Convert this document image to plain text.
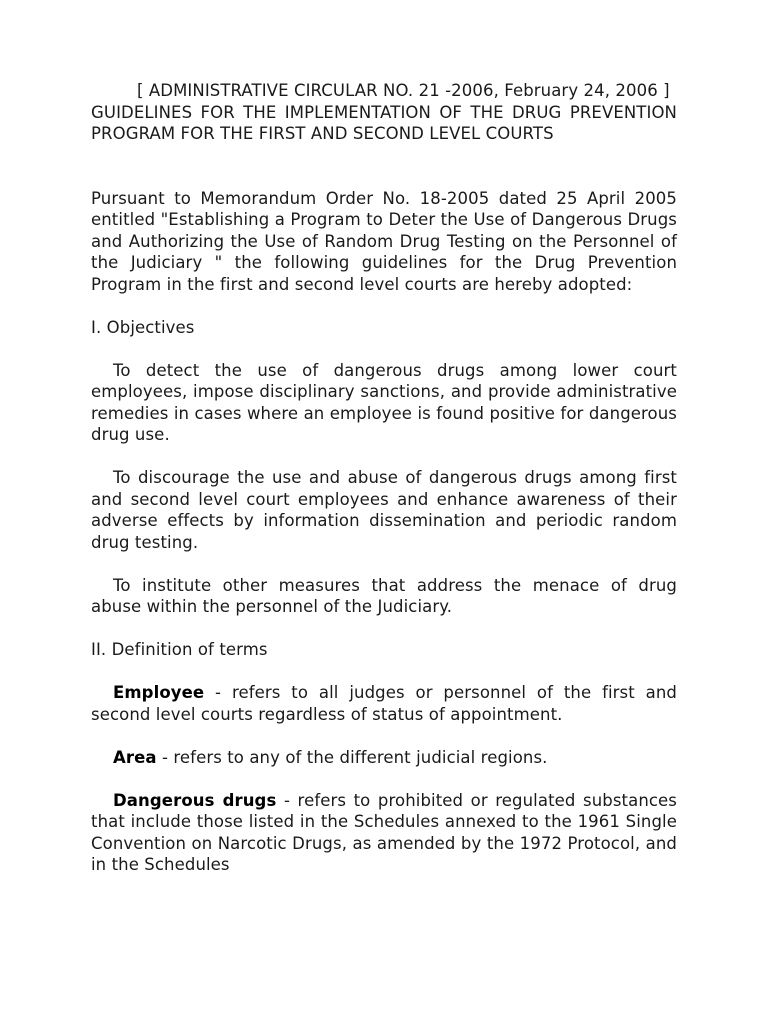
[ ADMINISTRATIVE CIRCULAR NO. 21 -2006, February 24, 2006 ]

GUIDELINES FOR THE IMPLEMENTATION OF THE DRUG PREVENTION PROGRAM FOR THE FIRST AND SECOND LEVEL COURTS

Pursuant to Memorandum Order No. 18-2005 dated 25 April 2005 entitled "Establishing a Program to Deter the Use of Dangerous Drugs and Authorizing the Use of Random Drug Testing on the Personnel of the Judiciary " the following guidelines for the Drug Prevention Program in the first and second level courts are hereby adopted:

I. Objectives

To detect the use of dangerous drugs among lower court employees, impose disciplinary sanctions, and provide administrative remedies in cases where an employee is found positive for dangerous drug use.

To discourage the use and abuse of dangerous drugs among first and second level court employees and enhance awareness of their adverse effects by information dissemination and periodic random drug testing.

To institute other measures that address the menace of drug abuse within the personnel of the Judiciary.

II. Definition of terms

Employee - refers to all judges or personnel of the first and second level courts regardless of status of appointment.

Area - refers to any of the different judicial regions.

Dangerous drugs - refers to prohibited or regulated substances that include those listed in the Schedules annexed to the 1961 Single Convention on Narcotic Drugs, as amended by the 1972 Protocol, and in the Schedules
